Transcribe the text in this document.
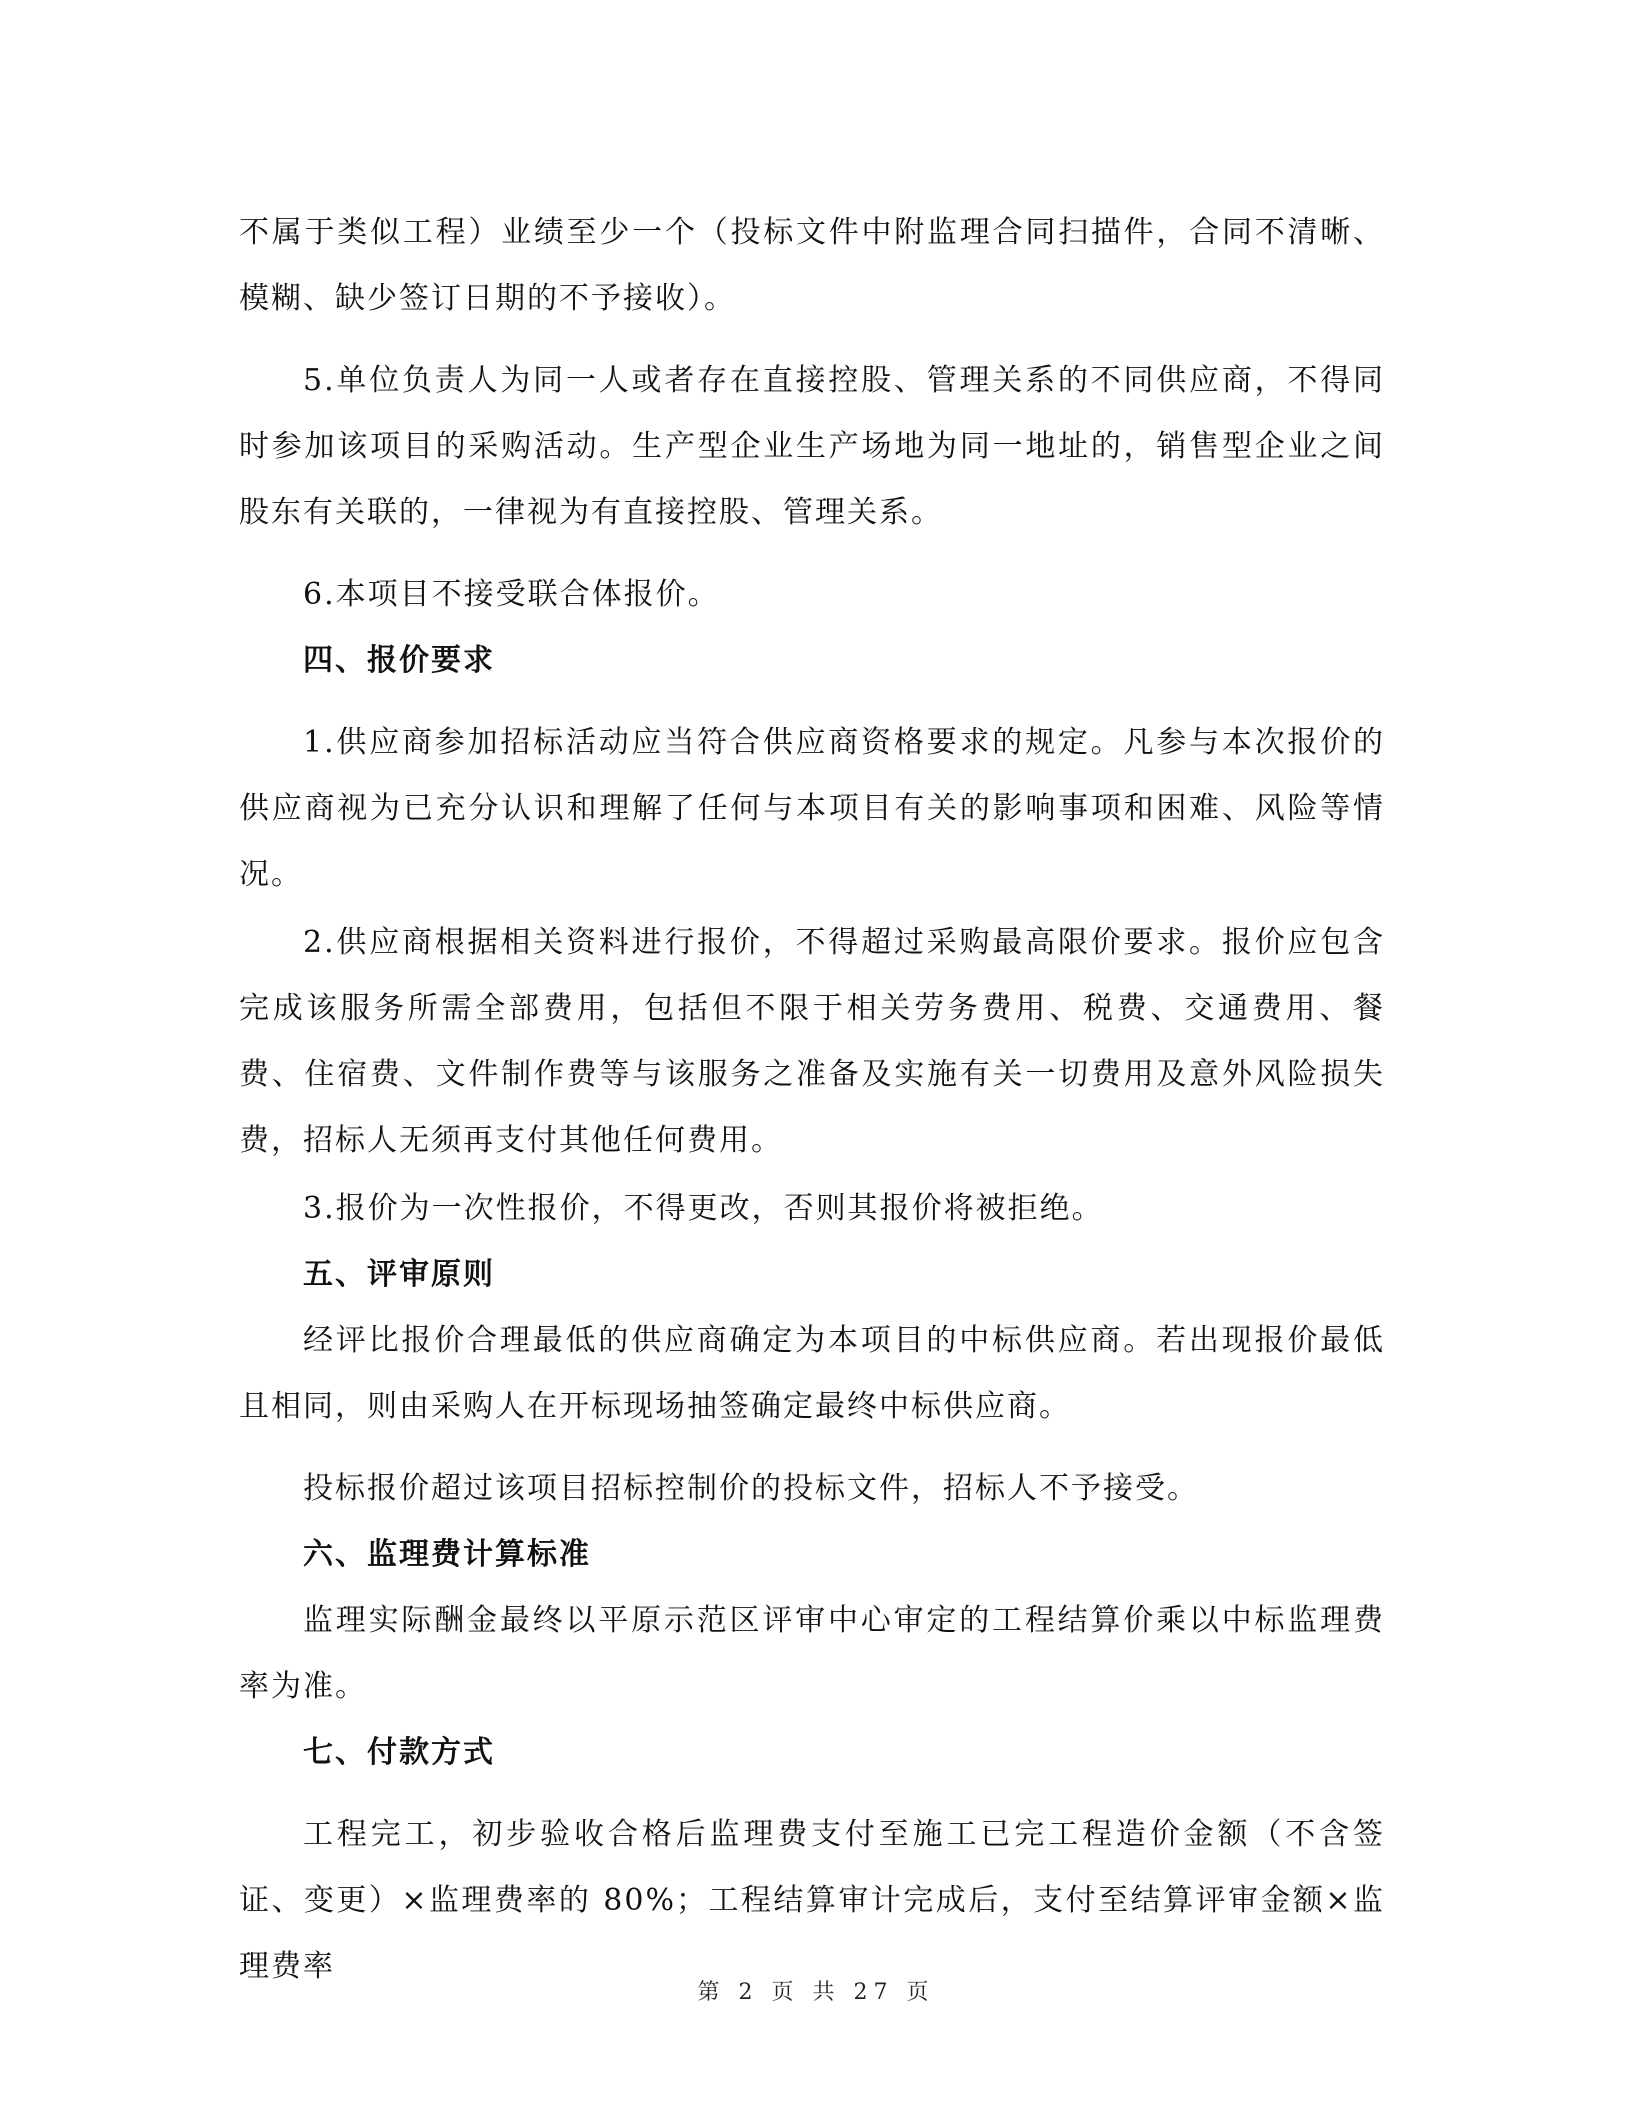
不属于类似工程）业绩至少一个（投标文件中附监理合同扫描件，合同不清晰、模糊、缺少签订日期的不予接收）。

5.单位负责人为同一人或者存在直接控股、管理关系的不同供应商，不得同时参加该项目的采购活动。生产型企业生产场地为同一地址的，销售型企业之间股东有关联的，一律视为有直接控股、管理关系。

6.本项目不接受联合体报价。

四、报价要求

1.供应商参加招标活动应当符合供应商资格要求的规定。凡参与本次报价的供应商视为已充分认识和理解了任何与本项目有关的影响事项和困难、风险等情况。

2.供应商根据相关资料进行报价，不得超过采购最高限价要求。报价应包含完成该服务所需全部费用，包括但不限于相关劳务费用、税费、交通费用、餐费、住宿费、文件制作费等与该服务之准备及实施有关一切费用及意外风险损失费，招标人无须再支付其他任何费用。

3.报价为一次性报价，不得更改，否则其报价将被拒绝。

五、评审原则

经评比报价合理最低的供应商确定为本项目的中标供应商。若出现报价最低且相同，则由采购人在开标现场抽签确定最终中标供应商。

投标报价超过该项目招标控制价的投标文件，招标人不予接受。

六、监理费计算标准

监理实际酬金最终以平原示范区评审中心审定的工程结算价乘以中标监理费率为准。

七、付款方式

工程完工，初步验收合格后监理费支付至施工已完工程造价金额（不含签证、变更）×监理费率的 80%；工程结算审计完成后，支付至结算评审金额×监理费率

第 2 页 共 27 页
